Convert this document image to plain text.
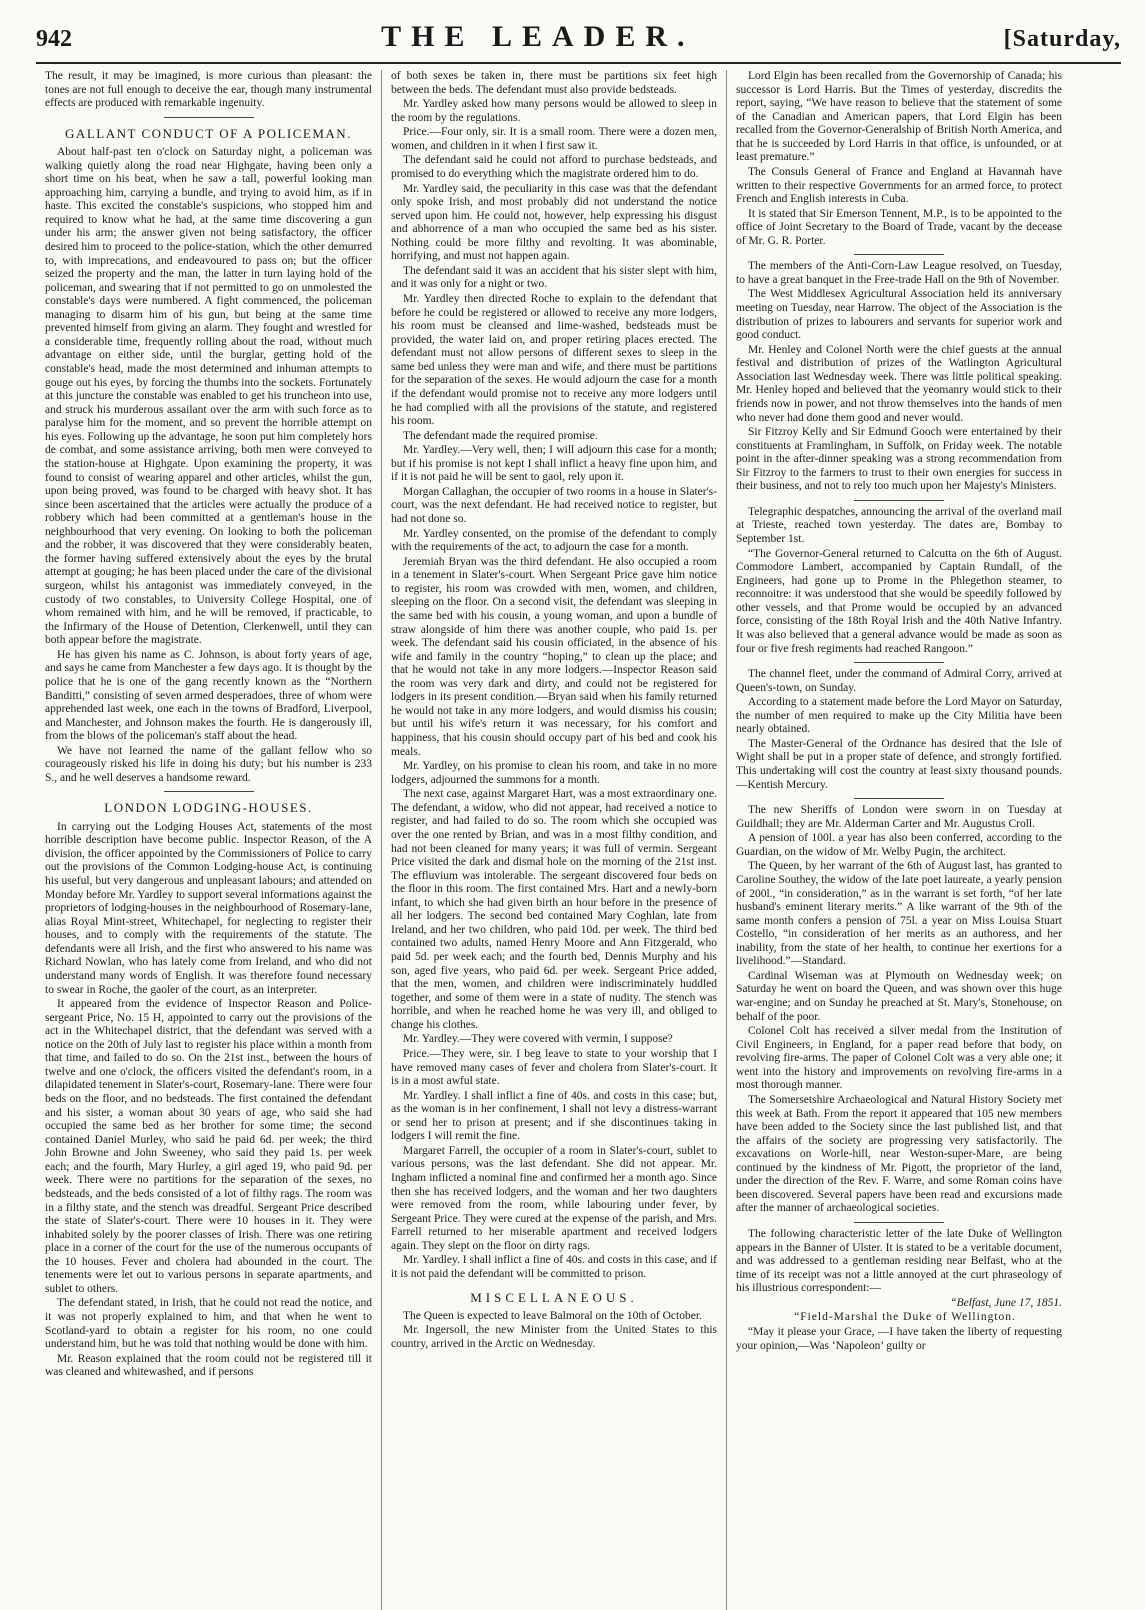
942	THE LEADER.	[Saturday,

The result, it may be imagined, is more curious than pleasant: the tones are not full enough to deceive the ear, though many instrumental effects are produced with remarkable ingenuity.

GALLANT CONDUCT OF A POLICEMAN.

About half-past ten o'clock on Saturday night, a policeman was walking quietly along the road near Highgate, having been only a short time on his beat, when he saw a tall, powerful looking man approaching him, carrying a bundle, and trying to avoid him, as if in haste. This excited the constable's suspicions, who stopped him and required to know what he had, at the same time discovering a gun under his arm; the answer given not being satisfactory, the officer desired him to proceed to the police-station, which the other demurred to, with imprecations, and endeavoured to pass on; but the officer seized the property and the man, the latter in turn laying hold of the policeman, and swearing that if not permitted to go on unmolested the constable's days were numbered. A fight commenced, the policeman managing to disarm him of his gun, but being at the same time prevented himself from giving an alarm. They fought and wrestled for a considerable time, frequently rolling about the road, without much advantage on either side, until the burglar, getting hold of the constable's head, made the most determined and inhuman attempts to gouge out his eyes, by forcing the thumbs into the sockets. Fortunately at this juncture the constable was enabled to get his truncheon into use, and struck his murderous assailant over the arm with such force as to paralyse him for the moment, and so prevent the horrible attempt on his eyes. Following up the advantage, he soon put him completely hors de combat, and some assistance arriving, both men were conveyed to the station-house at Highgate. Upon examining the property, it was found to consist of wearing apparel and other articles, whilst the gun, upon being proved, was found to be charged with heavy shot. It has since been ascertained that the articles were actually the produce of a robbery which had been committed at a gentleman's house in the neighbourhood that very evening. On looking to both the policeman and the robber, it was discovered that they were considerably beaten, the former having suffered extensively about the eyes by the brutal attempt at gouging; he has been placed under the care of the divisional surgeon, whilst his antagonist was immediately conveyed, in the custody of two constables, to University College Hospital, one of whom remained with him, and he will be removed, if practicable, to the Infirmary of the House of Detention, Clerkenwell, until they can both appear before the magistrate.

He has given his name as C. Johnson, is about forty years of age, and says he came from Manchester a few days ago. It is thought by the police that he is one of the gang recently known as the “Northern Banditti,” consisting of seven armed desperadoes, three of whom were apprehended last week, one each in the towns of Bradford, Liverpool, and Manchester, and Johnson makes the fourth. He is dangerously ill, from the blows of the policeman's staff about the head.

We have not learned the name of the gallant fellow who so courageously risked his life in doing his duty; but his number is 233 S., and he well deserves a handsome reward.

LONDON LODGING-HOUSES.

In carrying out the Lodging Houses Act, statements of the most horrible description have become public. Inspector Reason, of the A division, the officer appointed by the Commissioners of Police to carry out the provisions of the Common Lodging-house Act, is continuing his useful, but very dangerous and unpleasant labours; and attended on Monday before Mr. Yardley to support several informations against the proprietors of lodging-houses in the neighbourhood of Rosemary-lane, alias Royal Mint-street, Whitechapel, for neglecting to register their houses, and to comply with the requirements of the statute. The defendants were all Irish, and the first who answered to his name was Richard Nowlan, who has lately come from Ireland, and who did not understand many words of English. It was therefore found necessary to swear in Roche, the gaoler of the court, as an interpreter.

It appeared from the evidence of Inspector Reason and Police-sergeant Price, No. 15 H, appointed to carry out the provisions of the act in the Whitechapel district, that the defendant was served with a notice on the 20th of July last to register his place within a month from that time, and failed to do so. On the 21st inst., between the hours of twelve and one o'clock, the officers visited the defendant's room, in a dilapidated tenement in Slater's-court, Rosemary-lane. There were four beds on the floor, and no bedsteads. The first contained the defendant and his sister, a woman about 30 years of age, who said she had occupied the same bed as her brother for some time; the second contained Daniel Murley, who said he paid 6d. per week; the third John Browne and John Sweeney, who said they paid 1s. per week each; and the fourth, Mary Hurley, a girl aged 19, who paid 9d. per week. There were no partitions for the separation of the sexes, no bedsteads, and the beds consisted of a lot of filthy rags. The room was in a filthy state, and the stench was dreadful. Sergeant Price described the state of Slater's-court. There were 10 houses in it. They were inhabited solely by the poorer classes of Irish. There was one retiring place in a corner of the court for the use of the numerous occupants of the 10 houses. Fever and cholera had abounded in the court. The tenements were let out to various persons in separate apartments, and sublet to others.

The defendant stated, in Irish, that he could not read the notice, and it was not properly explained to him, and that when he went to Scotland-yard to obtain a register for his room, no one could understand him, but he was told that nothing would be done with him.

Mr. Reason explained that the room could not be registered till it was cleaned and whitewashed, and if persons

of both sexes be taken in, there must be partitions six feet high between the beds. The defendant must also provide bedsteads.

Mr. Yardley asked how many persons would be allowed to sleep in the room by the regulations.

Price.—Four only, sir. It is a small room. There were a dozen men, women, and children in it when I first saw it.

The defendant said he could not afford to purchase bedsteads, and promised to do everything which the magistrate ordered him to do.

Mr. Yardley said, the peculiarity in this case was that the defendant only spoke Irish, and most probably did not understand the notice served upon him. He could not, however, help expressing his disgust and abhorrence of a man who occupied the same bed as his sister. Nothing could be more filthy and revolting. It was abominable, horrifying, and must not happen again.

The defendant said it was an accident that his sister slept with him, and it was only for a night or two.

Mr. Yardley then directed Roche to explain to the defendant that before he could be registered or allowed to receive any more lodgers, his room must be cleansed and lime-washed, bedsteads must be provided, the water laid on, and proper retiring places erected. The defendant must not allow persons of different sexes to sleep in the same bed unless they were man and wife, and there must be partitions for the separation of the sexes. He would adjourn the case for a month if the defendant would promise not to receive any more lodgers until he had complied with all the provisions of the statute, and registered his room.

The defendant made the required promise.

Mr. Yardley.—Very well, then; I will adjourn this case for a month; but if his promise is not kept I shall inflict a heavy fine upon him, and if it is not paid he will be sent to gaol, rely upon it.

Morgan Callaghan, the occupier of two rooms in a house in Slater's-court, was the next defendant. He had received notice to register, but had not done so.

Mr. Yardley consented, on the promise of the defendant to comply with the requirements of the act, to adjourn the case for a month.

Jeremiah Bryan was the third defendant. He also occupied a room in a tenement in Slater's-court. When Sergeant Price gave him notice to register, his room was crowded with men, women, and children, sleeping on the floor. On a second visit, the defendant was sleeping in the same bed with his cousin, a young woman, and upon a bundle of straw alongside of him there was another couple, who paid 1s. per week. The defendant said his cousin officiated, in the absence of his wife and family in the country “hoping,” to clean up the place; and that he would not take in any more lodgers.—Inspector Reason said the room was very dark and dirty, and could not be registered for lodgers in its present condition.—Bryan said when his family returned he would not take in any more lodgers, and would dismiss his cousin; but until his wife's return it was necessary, for his comfort and happiness, that his cousin should occupy part of his bed and cook his meals.

Mr. Yardley, on his promise to clean his room, and take in no more lodgers, adjourned the summons for a month.

The next case, against Margaret Hart, was a most extraordinary one. The defendant, a widow, who did not appear, had received a notice to register, and had failed to do so. The room which she occupied was over the one rented by Brian, and was in a most filthy condition, and had not been cleaned for many years; it was full of vermin. Sergeant Price visited the dark and dismal hole on the morning of the 21st inst. The effluvium was intolerable. The sergeant discovered four beds on the floor in this room. The first contained Mrs. Hart and a newly-born infant, to which she had given birth an hour before in the presence of all her lodgers. The second bed contained Mary Coghlan, late from Ireland, and her two children, who paid 10d. per week. The third bed contained two adults, named Henry Moore and Ann Fitzgerald, who paid 5d. per week each; and the fourth bed, Dennis Murphy and his son, aged five years, who paid 6d. per week. Sergeant Price added, that the men, women, and children were indiscriminately huddled together, and some of them were in a state of nudity. The stench was horrible, and when he reached home he was very ill, and obliged to change his clothes.

Mr. Yardley.—They were covered with vermin, I suppose?

Price.—They were, sir. I beg leave to state to your worship that I have removed many cases of fever and cholera from Slater's-court. It is in a most awful state.

Mr. Yardley. I shall inflict a fine of 40s. and costs in this case; but, as the woman is in her confinement, I shall not levy a distress-warrant or send her to prison at present; and if she discontinues taking in lodgers I will remit the fine.

Margaret Farrell, the occupier of a room in Slater's-court, sublet to various persons, was the last defendant. She did not appear. Mr. Ingham inflicted a nominal fine and confirmed her a month ago. Since then she has received lodgers, and the woman and her two daughters were removed from the room, while labouring under fever, by Sergeant Price. They were cured at the expense of the parish, and Mrs. Farrell returned to her miserable apartment and received lodgers again. They slept on the floor on dirty rags.

Mr. Yardley. I shall inflict a fine of 40s. and costs in this case, and if it is not paid the defendant will be committed to prison.

MISCELLANEOUS.

The Queen is expected to leave Balmoral on the 10th of October.

Mr. Ingersoll, the new Minister from the United States to this country, arrived in the Arctic on Wednesday.

Lord Elgin has been recalled from the Governorship of Canada; his successor is Lord Harris. But the Times of yesterday, discredits the report, saying, “We have reason to believe that the statement of some of the Canadian and American papers, that Lord Elgin has been recalled from the Governor-Generalship of British North America, and that he is succeeded by Lord Harris in that office, is unfounded, or at least premature.”

The Consuls General of France and England at Havannah have written to their respective Governments for an armed force, to protect French and English interests in Cuba.

It is stated that Sir Emerson Tennent, M.P., is to be appointed to the office of Joint Secretary to the Board of Trade, vacant by the decease of Mr. G. R. Porter.

The members of the Anti-Corn-Law League resolved, on Tuesday, to have a great banquet in the Free-trade Hall on the 9th of November.

The West Middlesex Agricultural Association held its anniversary meeting on Tuesday, near Harrow. The object of the Association is the distribution of prizes to labourers and servants for superior work and good conduct.

Mr. Henley and Colonel North were the chief guests at the annual festival and distribution of prizes of the Watlington Agricultural Association last Wednesday week. There was little political speaking. Mr. Henley hoped and believed that the yeomanry would stick to their friends now in power, and not throw themselves into the hands of men who never had done them good and never would.

Sir Fitzroy Kelly and Sir Edmund Gooch were entertained by their constituents at Framlingham, in Suffolk, on Friday week. The notable point in the after-dinner speaking was a strong recommendation from Sir Fitzroy to the farmers to trust to their own energies for success in their business, and not to rely too much upon her Majesty's Ministers.

Telegraphic despatches, announcing the arrival of the overland mail at Trieste, reached town yesterday. The dates are, Bombay to September 1st.

“The Governor-General returned to Calcutta on the 6th of August. Commodore Lambert, accompanied by Captain Rundall, of the Engineers, had gone up to Prome in the Phlegethon steamer, to reconnoitre: it was understood that she would be speedily followed by other vessels, and that Prome would be occupied by an advanced force, consisting of the 18th Royal Irish and the 40th Native Infantry. It was also believed that a general advance would be made as soon as four or five fresh regiments had reached Rangoon.”

The channel fleet, under the command of Admiral Corry, arrived at Queen's-town, on Sunday.

According to a statement made before the Lord Mayor on Saturday, the number of men required to make up the City Militia have been nearly obtained.

The Master-General of the Ordnance has desired that the Isle of Wight shall be put in a proper state of defence, and strongly fortified. This undertaking will cost the country at least sixty thousand pounds.—Kentish Mercury.

The new Sheriffs of London were sworn in on Tuesday at Guildhall; they are Mr. Alderman Carter and Mr. Augustus Croll.

A pension of 100l. a year has also been conferred, according to the Guardian, on the widow of Mr. Welby Pugin, the architect.

The Queen, by her warrant of the 6th of August last, has granted to Caroline Southey, the widow of the late poet laureate, a yearly pension of 200l., “in consideration,” as in the warrant is set forth, “of her late husband's eminent literary merits.” A like warrant of the 9th of the same month confers a pension of 75l. a year on Miss Louisa Stuart Costello, “in consideration of her merits as an authoress, and her inability, from the state of her health, to continue her exertions for a livelihood.”—Standard.

Cardinal Wiseman was at Plymouth on Wednesday week; on Saturday he went on board the Queen, and was shown over this huge war-engine; and on Sunday he preached at St. Mary's, Stonehouse, on behalf of the poor.

Colonel Colt has received a silver medal from the Institution of Civil Engineers, in England, for a paper read before that body, on revolving fire-arms. The paper of Colonel Colt was a very able one; it went into the history and improvements on revolving fire-arms in a most thorough manner.

The Somersetshire Archaeological and Natural History Society met this week at Bath. From the report it appeared that 105 new members have been added to the Society since the last published list, and that the affairs of the society are progressing very satisfactorily. The excavations on Worle-hill, near Weston-super-Mare, are being continued by the kindness of Mr. Pigott, the proprietor of the land, under the direction of the Rev. F. Warre, and some Roman coins have been discovered. Several papers have been read and excursions made after the manner of archaeological societies.

The following characteristic letter of the late Duke of Wellington appears in the Banner of Ulster. It is stated to be a veritable document, and was addressed to a gentleman residing near Belfast, who at the time of its receipt was not a little annoyed at the curt phraseology of his illustrious correspondent:—

“Belfast, June 17, 1851.

“Field-Marshal the Duke of Wellington.

“May it please your Grace, —I have taken the liberty of requesting your opinion,—Was ‘Napoleon’ guilty or
